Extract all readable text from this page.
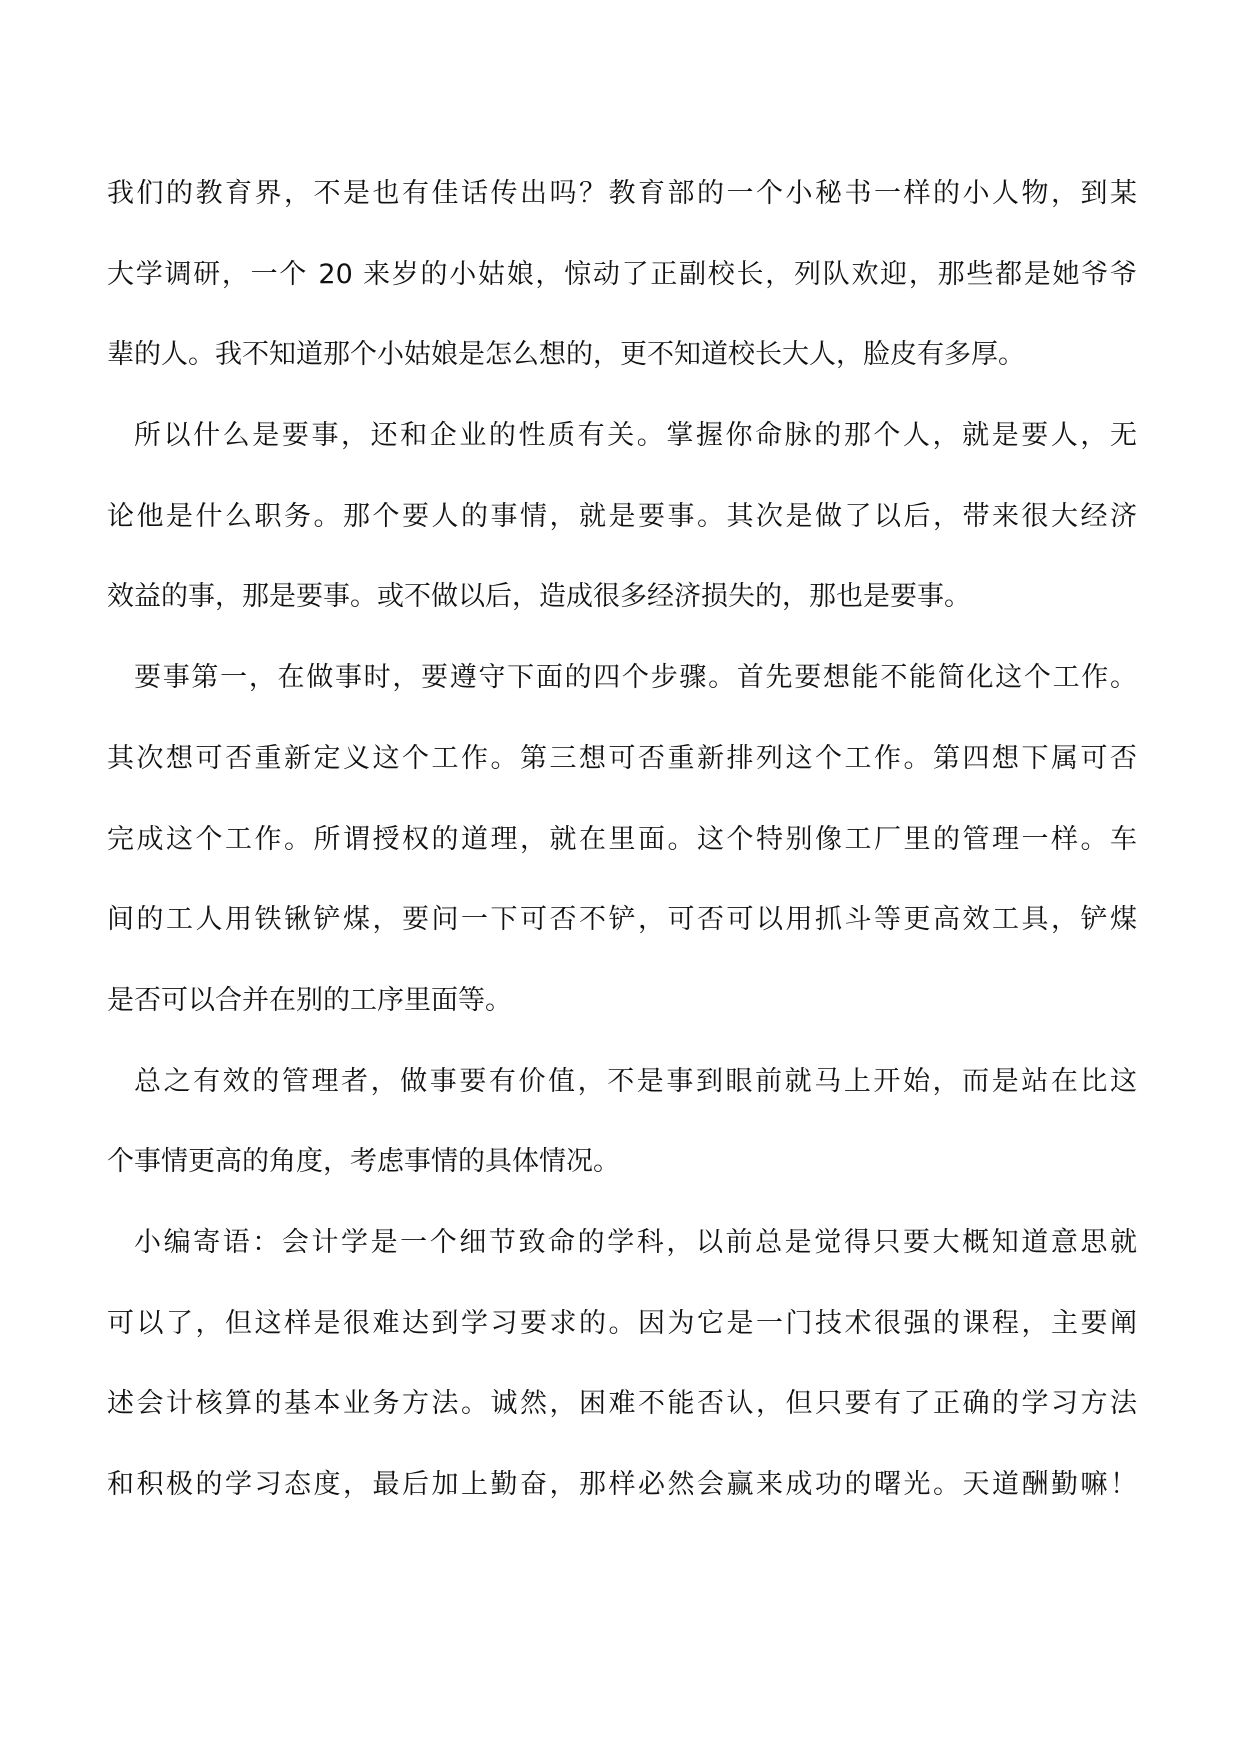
我们的教育界，不是也有佳话传出吗？教育部的一个小秘书一样的小人物，到某
大学调研，一个 20 来岁的小姑娘，惊动了正副校长，列队欢迎，那些都是她爷爷
辈的人。我不知道那个小姑娘是怎么想的，更不知道校长大人，脸皮有多厚。
所以什么是要事，还和企业的性质有关。掌握你命脉的那个人，就是要人，无
论他是什么职务。那个要人的事情，就是要事。其次是做了以后，带来很大经济
效益的事，那是要事。或不做以后，造成很多经济损失的，那也是要事。
要事第一，在做事时，要遵守下面的四个步骤。首先要想能不能简化这个工作。
其次想可否重新定义这个工作。第三想可否重新排列这个工作。第四想下属可否
完成这个工作。所谓授权的道理，就在里面。这个特别像工厂里的管理一样。车
间的工人用铁锹铲煤，要问一下可否不铲，可否可以用抓斗等更高效工具，铲煤
是否可以合并在别的工序里面等。
总之有效的管理者，做事要有价值，不是事到眼前就马上开始，而是站在比这
个事情更高的角度，考虑事情的具体情况。
小编寄语：会计学是一个细节致命的学科，以前总是觉得只要大概知道意思就
可以了，但这样是很难达到学习要求的。因为它是一门技术很强的课程，主要阐
述会计核算的基本业务方法。诚然，困难不能否认，但只要有了正确的学习方法
和积极的学习态度，最后加上勤奋，那样必然会赢来成功的曙光。天道酬勤嘛！
